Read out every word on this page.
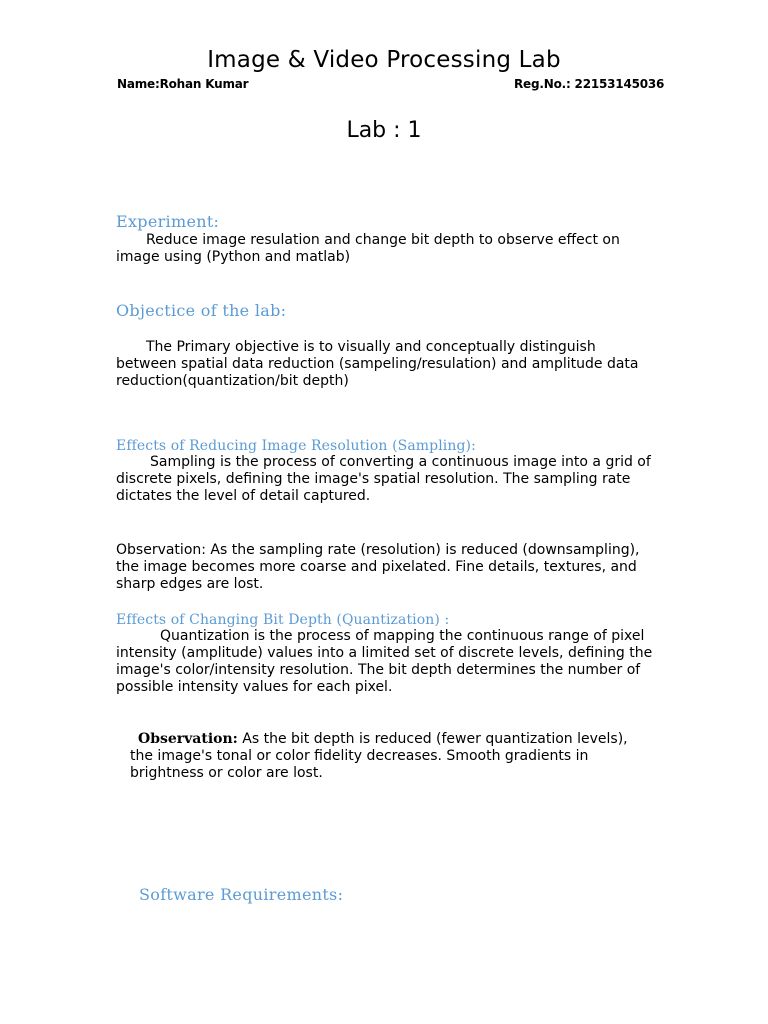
Image & Video Processing Lab
Name:Rohan Kumar	Reg.No.: 22153145036
Lab : 1
Experiment:

Reduce image resulation and change bit depth to observe effect on image using (Python and matlab)

Objectice of the lab:

The Primary objective is to visually and conceptually distinguish between spatial data reduction (sampeling/resulation) and amplitude data reduction(quantization/bit depth)

Effects of Reducing Image Resolution (Sampling):

Sampling is the process of converting a continuous image into a grid of discrete pixels, defining the image's spatial resolution. The sampling rate dictates the level of detail captured.

Observation: As the sampling rate (resolution) is reduced (downsampling), the image becomes more coarse and pixelated. Fine details, textures, and sharp edges are lost.

Effects of Changing Bit Depth (Quantization) :

Quantization is the process of mapping the continuous range of pixel intensity (amplitude) values into a limited set of discrete levels, defining the image's color/intensity resolution. The bit depth determines the number of possible intensity values for each pixel.

Observation: As the bit depth is reduced (fewer quantization levels), the image's tonal or color fidelity decreases. Smooth gradients in brightness or color are lost.

Software Requirements:
